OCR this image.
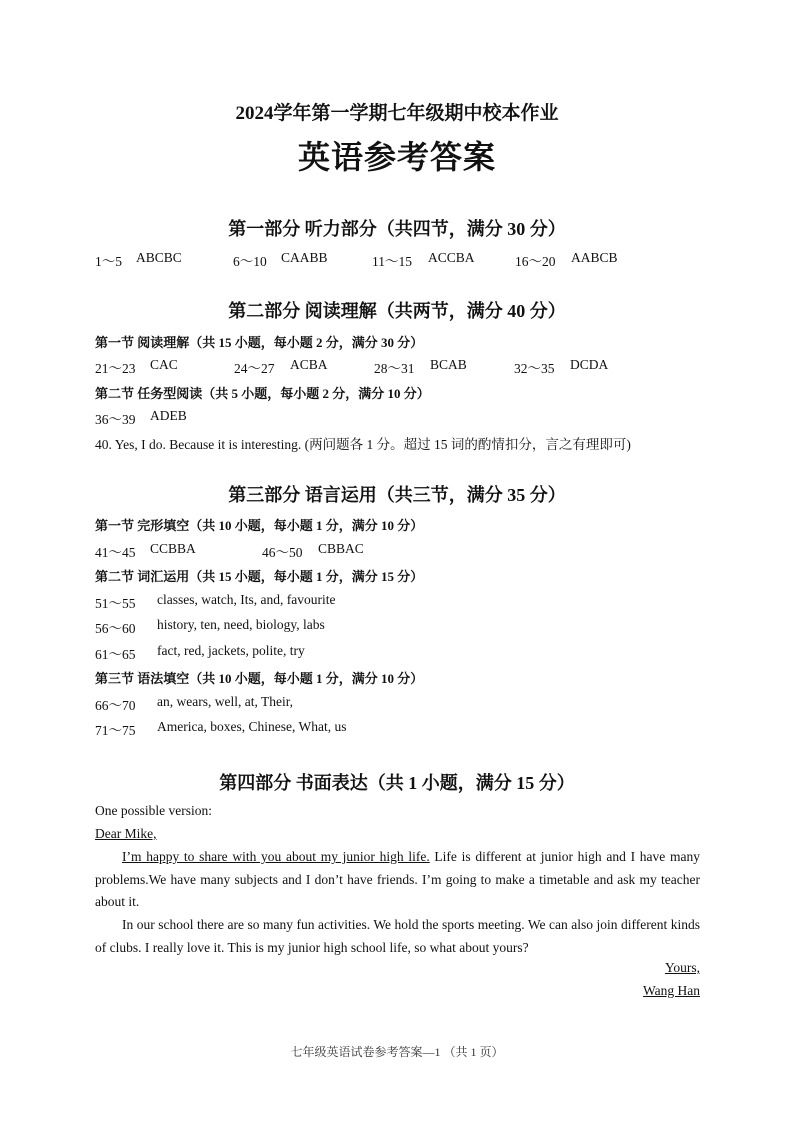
2024学年第一学期七年级期中校本作业
英语参考答案
第一部分 听力部分（共四节，满分 30 分）
1～5 ABCBC	6～10 CAABB	11～15 ACCBA	16～20 AABCB
第二部分 阅读理解（共两节，满分 40 分）
第一节 阅读理解（共 15 小题，每小题 2 分，满分 30 分）
21～23 CAC	24～27 ACBA	28～31 BCAB	32～35 DCDA
第二节 任务型阅读（共 5 小题，每小题 2 分，满分 10 分）
36～39 ADEB
40. Yes, I do. Because it is interesting. (两问题各 1 分。超过 15 词的酌情扣分，言之有理即可)
第三部分 语言运用（共三节，满分 35 分）
第一节 完形填空（共 10 小题，每小题 1 分，满分 10 分）
41～45 CCBBA	46～50 CBBAC
第二节 词汇运用（共 15 小题，每小题 1 分，满分 15 分）
51～55 classes, watch, Its, and, favourite
56～60 history, ten, need, biology, labs
61～65 fact, red, jackets, polite, try
第三节 语法填空（共 10 小题，每小题 1 分，满分 10 分）
66～70 an, wears, well, at, Their,
71～75 America, boxes, Chinese, What, us
第四部分 书面表达（共 1 小题，满分 15 分）
One possible version:
Dear Mike,
I’m happy to share with you about my junior high life. Life is different at junior high and I have many problems.We have many subjects and I don’t have friends. I’m going to make a timetable and ask my teacher about it.
In our school there are so many fun activities. We hold the sports meeting. We can also join different kinds of clubs. I really love it. This is my junior high school life, so what about yours?
Yours,
Wang Han
七年级英语试卷参考答案—1 （共 1 页）
